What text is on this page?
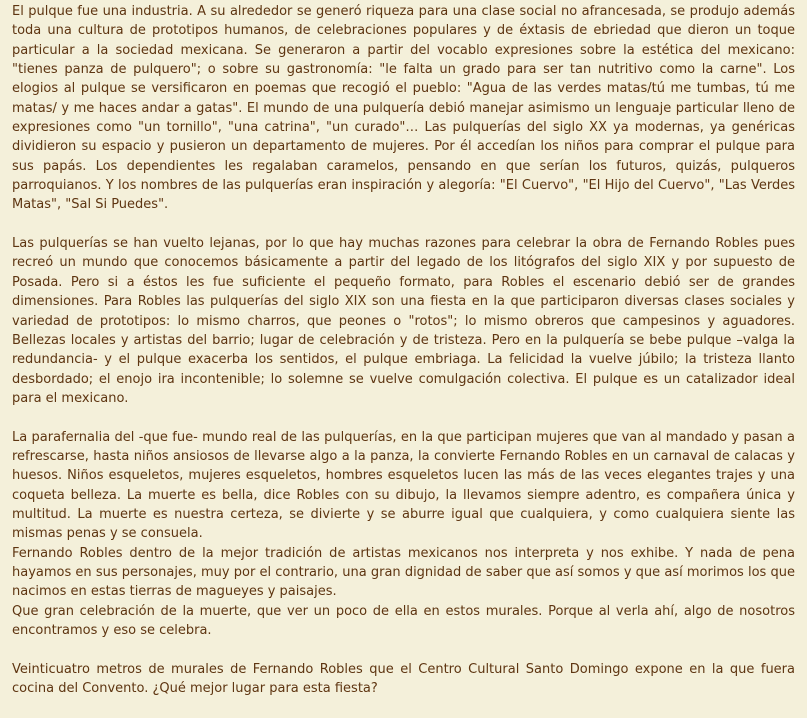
El pulque fue una industria. A su alrededor se generó riqueza para una clase social no afrancesada, se produjo además toda una cultura de prototipos humanos, de celebraciones populares y de éxtasis de ebriedad que dieron un toque particular a la sociedad mexicana. Se generaron a partir del vocablo expresiones sobre la estética del mexicano: "tienes panza de pulquero"; o sobre su gastronomía: "le falta un grado para ser tan nutritivo como la carne". Los elogios al pulque se versificaron en poemas que recogió el pueblo: "Agua de las verdes matas/tú me tumbas, tú me matas/ y me haces andar a gatas". El mundo de una pulquería debió manejar asimismo un lenguaje particular lleno de expresiones como "un tornillo", "una catrina", "un curado"… Las pulquerías del siglo XX ya modernas, ya genéricas dividieron su espacio y pusieron un departamento de mujeres. Por él accedían los niños para comprar el pulque para sus papás. Los dependientes les regalaban caramelos, pensando en que serían los futuros, quizás, pulqueros parroquianos. Y los nombres de las pulquerías eran inspiración y alegoría: "El Cuervo", "El Hijo del Cuervo", "Las Verdes Matas", "Sal Si Puedes".

Las pulquerías se han vuelto lejanas, por lo que hay muchas razones para celebrar la obra de Fernando Robles pues recreó un mundo que conocemos básicamente a partir del legado de los litógrafos del siglo XIX y por supuesto de Posada. Pero si a éstos les fue suficiente el pequeño formato, para Robles el escenario debió ser de grandes dimensiones. Para Robles las pulquerías del siglo XIX son una fiesta en la que participaron diversas clases sociales y variedad de prototipos: lo mismo charros, que peones o "rotos"; lo mismo obreros que campesinos y aguadores. Bellezas locales y artistas del barrio; lugar de celebración y de tristeza. Pero en la pulquería se bebe pulque –valga la redundancia- y el pulque exacerba los sentidos, el pulque embriaga. La felicidad la vuelve júbilo; la tristeza llanto desbordado; el enojo ira incontenible; lo solemne se vuelve comulgación colectiva. El pulque es un catalizador ideal para el mexicano.

La parafernalia del -que fue- mundo real de las pulquerías, en la que participan mujeres que van al mandado y pasan a refrescarse, hasta niños ansiosos de llevarse algo a la panza, la convierte Fernando Robles en un carnaval de calacas y huesos. Niños esqueletos, mujeres esqueletos, hombres esqueletos lucen las más de las veces elegantes trajes y una coqueta belleza. La muerte es bella, dice Robles con su dibujo, la llevamos siempre adentro, es compañera única y multitud. La muerte es nuestra certeza, se divierte y se aburre igual que cualquiera, y como cualquiera siente las mismas penas y se consuela.

Fernando Robles dentro de la mejor tradición de artistas mexicanos nos interpreta y nos exhibe. Y nada de pena hayamos en sus personajes, muy por el contrario, una gran dignidad de saber que así somos y que así morimos los que nacimos en estas tierras de magueyes y paisajes.

Que gran celebración de la muerte, que ver un poco de ella en estos murales. Porque al verla ahí, algo de nosotros encontramos y eso se celebra.

Veinticuatro metros de murales de Fernando Robles que el Centro Cultural Santo Domingo expone en la que fuera cocina del Convento. ¿Qué mejor lugar para esta fiesta?
